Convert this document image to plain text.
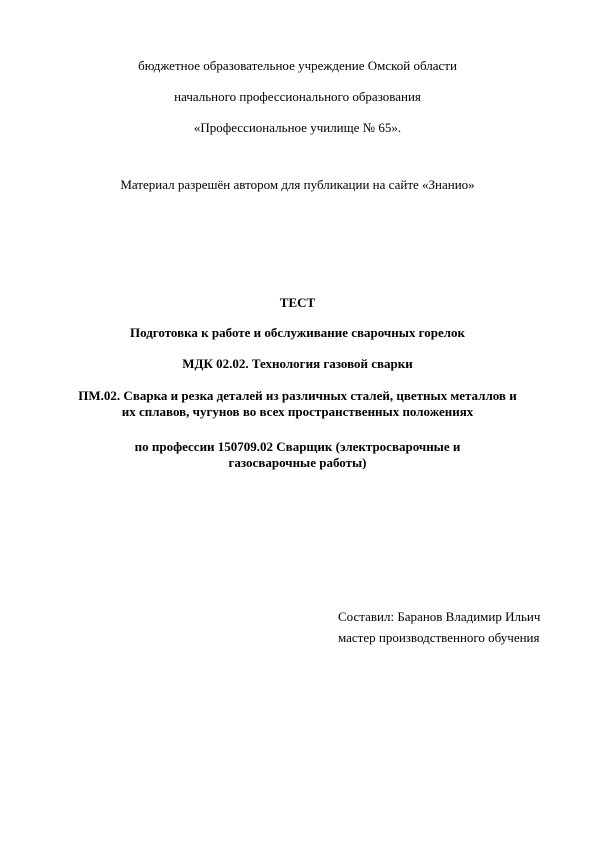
бюджетное образовательное учреждение Омской области
начального профессионального образования
«Профессиональное училище № 65».
Материал разрешён автором для публикации на сайте «Знанио»
ТЕСТ
Подготовка к работе и обслуживание сварочных горелок
МДК 02.02. Технология газовой сварки
ПМ.02. Сварка и резка деталей из различных сталей, цветных металлов и их сплавов, чугунов во всех пространственных положениях
по профессии 150709.02 Сварщик (электросварочные и газосварочные работы)
Составил: Баранов Владимир Ильич
мастер производственного обучения
